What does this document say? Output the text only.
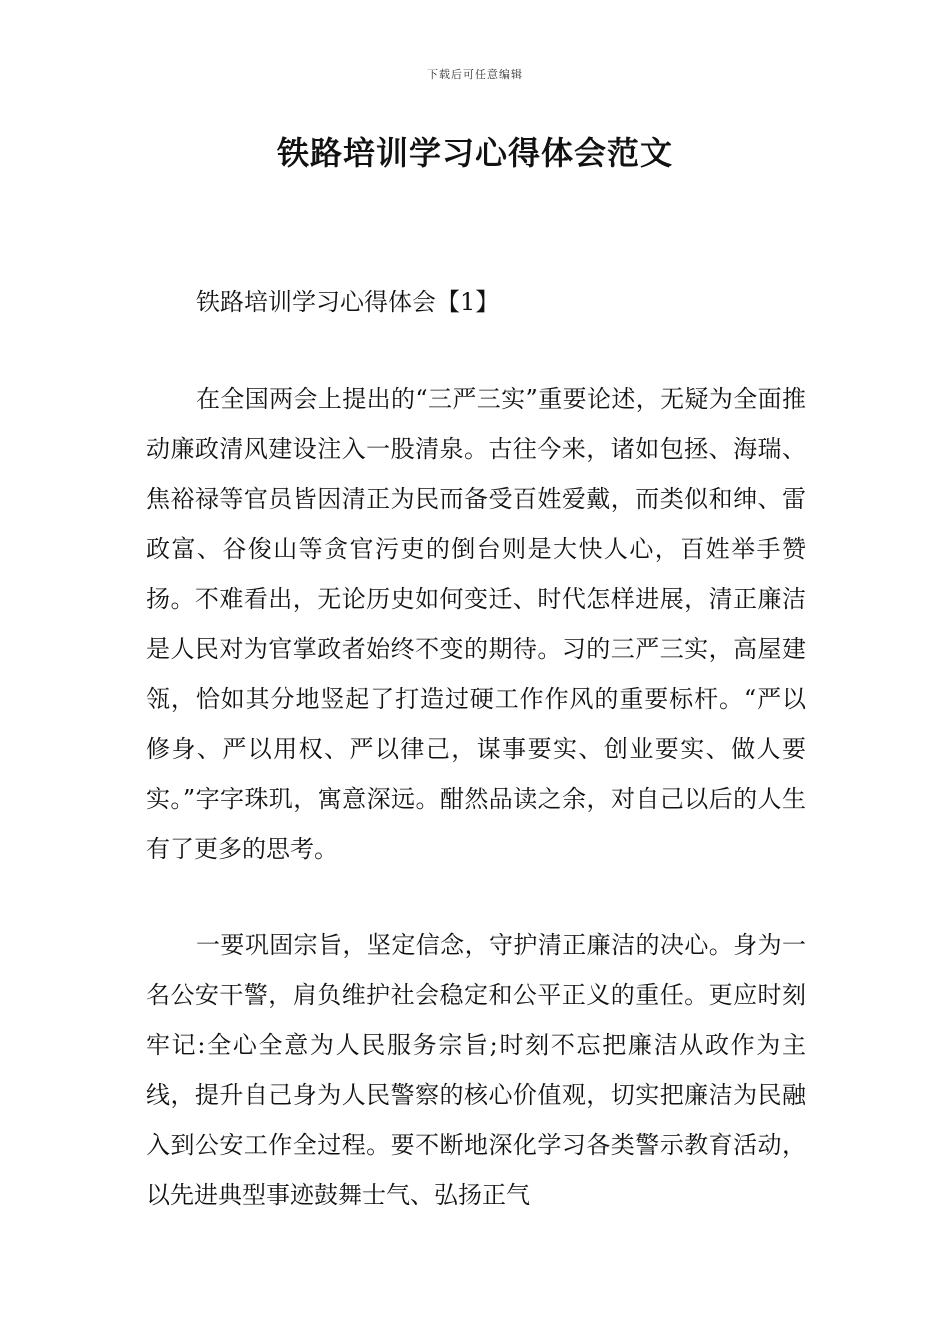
下载后可任意编辑
铁路培训学习心得体会范文
铁路培训学习心得体会【1】

在全国两会上提出的“三严三实”重要论述，无疑为全面推动廉政清风建设注入一股清泉。古往今来，诸如包拯、海瑞、焦裕禄等官员皆因清正为民而备受百姓爱戴，而类似和绅、雷政富、谷俊山等贪官污吏的倒台则是大快人心，百姓举手赞扬。不难看出，无论历史如何变迁、时代怎样进展，清正廉洁是人民对为官掌政者始终不变的期待。习的三严三实，高屋建瓴，恰如其分地竖起了打造过硬工作作风的重要标杆。“严以修身、严以用权、严以律己，谋事要实、创业要实、做人要实。”字字珠玑，寓意深远。酣然品读之余，对自己以后的人生有了更多的思考。

一要巩固宗旨，坚定信念，守护清正廉洁的决心。身为一名公安干警，肩负维护社会稳定和公平正义的重任。更应时刻牢记:全心全意为人民服务宗旨;时刻不忘把廉洁从政作为主线，提升自己身为人民警察的核心价值观，切实把廉洁为民融入到公安工作全过程。要不断地深化学习各类警示教育活动，以先进典型事迹鼓舞士气、弘扬正气
